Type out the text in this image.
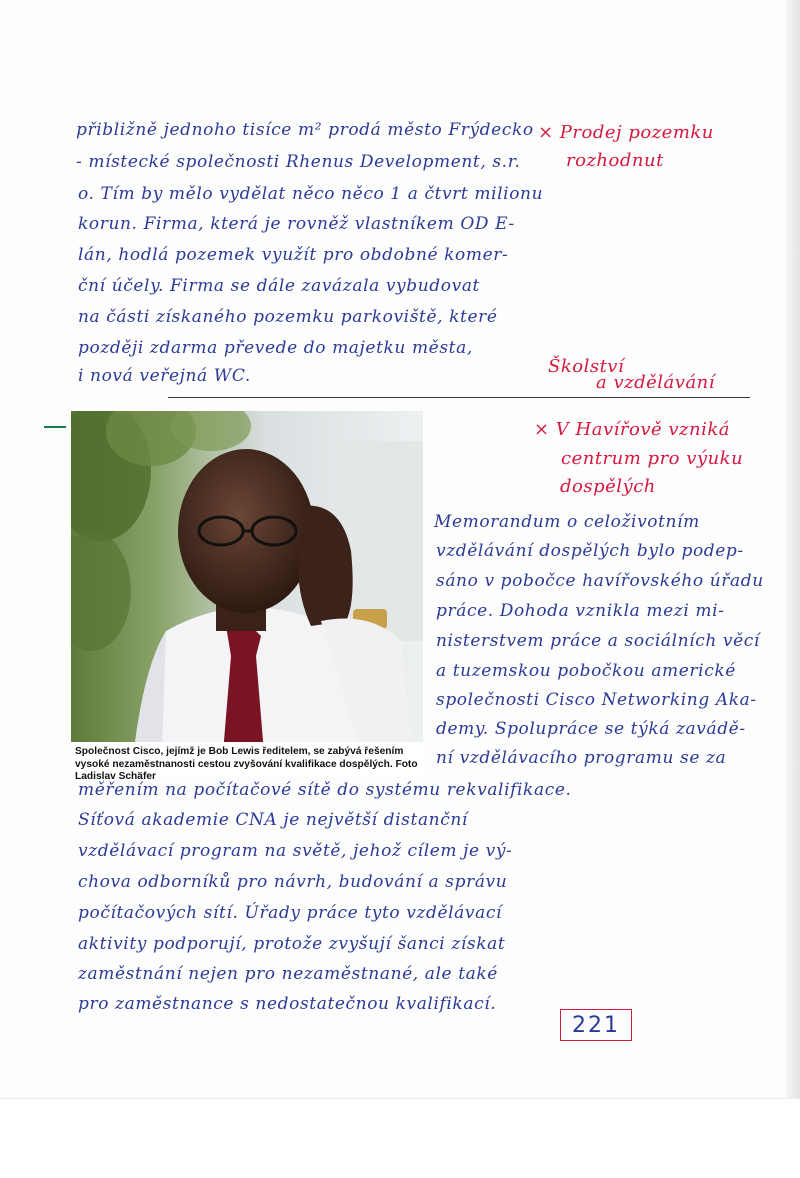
přibližně jednoho tisíce m² prodá město Frýdecko
- místecké společnosti Rhenus Development, s.r.
o. Tím by mělo vydělat něco něco 1 a čtvrt milionu
korun. Firma, která je rovněž vlastníkem OD E-
lán, hodlá pozemek využít pro obdobné komer-
ční účely. Firma se dále zavázala vybudovat
na části získaného pozemku parkoviště, které
později zdarma převede do majetku města,
i nová veřejná WC.
× Prodej pozemku
rozhodnut
Školství
a vzdělávání
× V Havířově vzniká
centrum pro výuku
dospělých
Společnost Cisco, jejímž je Bob Lewis ředitelem, se zabývá řešením vysoké nezaměstnanosti cestou zvyšování kvalifikace dospělých. Foto Ladislav Schäfer
Memorandum o celoživotním
vzdělávání dospělých bylo podep-
sáno v pobočce havířovského úřadu
práce. Dohoda vznikla mezi mi-
nisterstvem práce a sociálních věcí
a tuzemskou pobočkou americké
společnosti Cisco Networking Aka-
demy. Spolupráce se týká zavádě-
ní vzdělávacího programu se za
měřením na počítačové sítě do systému rekvalifikace.
Síťová akademie CNA je největší distanční
vzdělávací program na světě, jehož cílem je vý-
chova odborníků pro návrh, budování a správu
počítačových sítí. Úřady práce tyto vzdělávací
aktivity podporují, protože zvyšují šanci získat
zaměstnání nejen pro nezaměstnané, ale také
pro zaměstnance s nedostatečnou kvalifikací.
221
